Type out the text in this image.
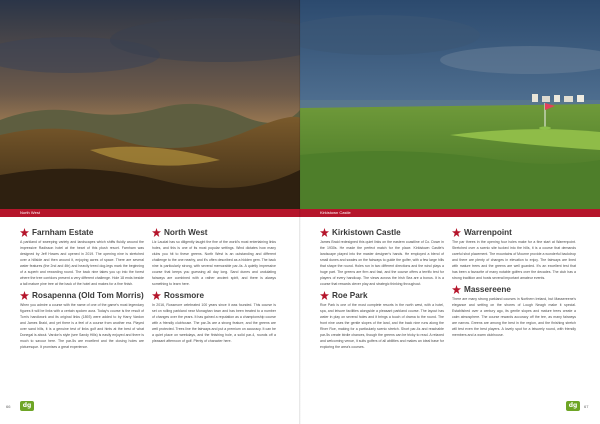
North West
Farnham Estate
A parkland of sweeping variety and landscapes which shifts fluidly around the impressive Radisson hotel at the heart of this plush resort. Farnham was designed by Jeff Howes and opened in 2019. The opening nine is stretched over a hillside and then around it, enjoying acres of space. There are several water features (the 2nd and 4th) and heavily treed dog-legs mark the beginning of a superb and rewarding round. The back nine takes you up into the forest where the tree corridors present a very different challenge. Hole 18 ends beside a tall mature pine tree at the back of the hotel and makes for a fine finish.
Rosapenna (Old Tom Morris)
When you admire a course with the name of one of the game's most legendary figures it will be links with a certain spoken aura. Today's course is the result of Tom's handiwork and its original links (1893) were added to by Harry Vardon and James Braid, and yet there is a feel of a course from another era. Played over sand hills, it is a genuine test of links golf and hints at the best of what Donegal is about. Vardon's style (see Sandy Hills) is easily enjoyed and there is much to savour here. The par-5s are excellent and the closing holes are picturesque. It promises a great experience.
North West
Liz Laudat has so diligently taught the fine of the world's most entertaining links holes, and this is one of its most popular settings. Wind dictates how many clubs you hit to these greens. North West is an outstanding and different challenge to the one nearby, and it's often described as a hidden gem. The back nine is particularly strong, with several memorable par-4s. A quietly impressive course that keeps you guessing all day long. Sand dunes and undulating fairways are combined with a rather ancient spirit, and there is always something to learn here.
Rossmore
In 2016, Rossmore celebrated 100 years since it was founded. This course is set on rolling parkland near Monaghan town and has been treated to a number of changes over the years. It has gained a reputation as a championship course with a friendly clubhouse. The par-3s are a strong feature, and the greens are well protected. Trees line the fairways and put a premium on accuracy. It can be a quiet place on weekdays, and the finishing hole, a solid par-4, rounds off a pleasant afternoon of golf. Plenty of character here.
dg
66
Kirkistown Castle
Kirkistown Castle
James Braid redesigned this quiet links on the eastern coastline of Co. Down in the 1930s. He made the perfect match for the place. Kirkistown Castle's landscape played into the master designer's hands. He employed a blend of small dunes and swales on the fairways to guide the golfer, with a few large hills that shape the round. Holes run in two different directions and the wind plays a huge part. The greens are firm and fast, and the course offers a terrific test for players of every handicap. The views across the Irish Sea are a bonus. It is a course that rewards clever play and strategic thinking throughout.
Roe Park
Roe Park is one of the most complete resorts in the north west, with a hotel, spa, and leisure facilities alongside a pleasant parkland course. The layout has water in play on several holes and it brings a touch of drama to the round. The front nine uses the gentle slopes of the land, and the back nine runs along the River Roe, making for a particularly scenic stretch. Short par-4s and reachable par-5s create birdie chances, though the greens can be tricky to read. A relaxed and welcoming venue, it suits golfers of all abilities and makes an ideal base for exploring the area's courses.
Warrenpoint
The par threes in the opening four holes make for a fine start at Warrenpoint. Stretched over a scenic site tucked into the hills, it is a course that demands careful shot placement. The mountains of Mourne provide a wonderful backdrop and there are plenty of changes in elevation to enjoy. The fairways are lined with mature trees and the greens are well guarded. It's an excellent test that has been a favourite of many notable golfers over the decades. The club has a strong tradition and hosts several important amateur events.
Massereene
There are many strong parkland courses in Northern Ireland, but Massereene's elegance and setting on the shores of Lough Neagh make it special. Established over a century ago, its gentle slopes and mature trees create a calm atmosphere. The course rewards accuracy off the tee, as many fairways are narrow. Greens are among the best in the region, and the finishing stretch will test even the best players. A lovely spot for a leisurely round, with friendly members and a warm clubhouse.
dg	67
